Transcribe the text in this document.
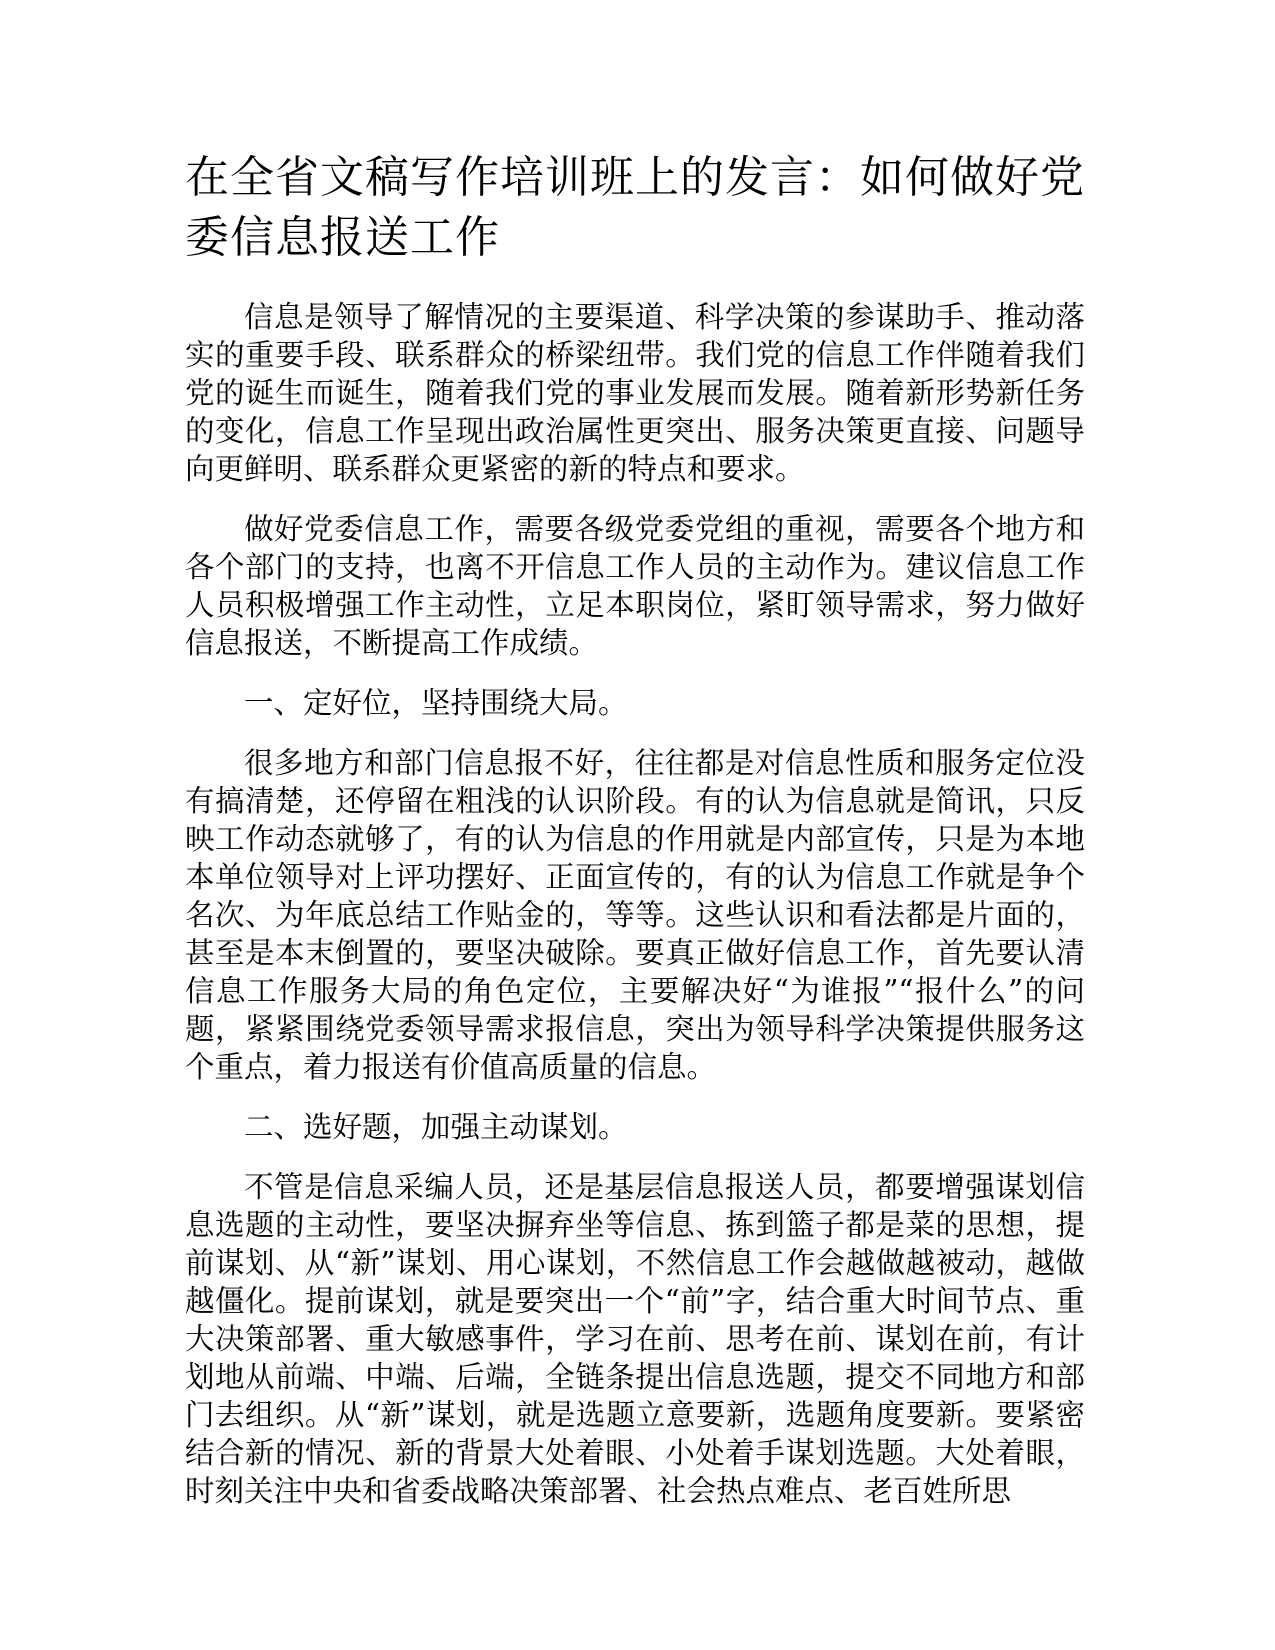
在全省文稿写作培训班上的发言：如何做好党委信息报送工作

信息是领导了解情况的主要渠道、科学决策的参谋助手、推动落实的重要手段、联系群众的桥梁纽带。我们党的信息工作伴随着我们党的诞生而诞生，随着我们党的事业发展而发展。随着新形势新任务的变化，信息工作呈现出政治属性更突出、服务决策更直接、问题导向更鲜明、联系群众更紧密的新的特点和要求。

做好党委信息工作，需要各级党委党组的重视，需要各个地方和各个部门的支持，也离不开信息工作人员的主动作为。建议信息工作人员积极增强工作主动性，立足本职岗位，紧盯领导需求，努力做好信息报送，不断提高工作成绩。

一、定好位，坚持围绕大局。

很多地方和部门信息报不好，往往都是对信息性质和服务定位没有搞清楚，还停留在粗浅的认识阶段。有的认为信息就是简讯，只反映工作动态就够了，有的认为信息的作用就是内部宣传，只是为本地本单位领导对上评功摆好、正面宣传的，有的认为信息工作就是争个名次、为年底总结工作贴金的，等等。这些认识和看法都是片面的，甚至是本末倒置的，要坚决破除。要真正做好信息工作，首先要认清信息工作服务大局的角色定位，主要解决好“为谁报”“报什么”的问题，紧紧围绕党委领导需求报信息，突出为领导科学决策提供服务这个重点，着力报送有价值高质量的信息。

二、选好题，加强主动谋划。

不管是信息采编人员，还是基层信息报送人员，都要增强谋划信息选题的主动性，要坚决摒弃坐等信息、拣到篮子都是菜的思想，提前谋划、从“新”谋划、用心谋划，不然信息工作会越做越被动，越做越僵化。提前谋划，就是要突出一个“前”字，结合重大时间节点、重大决策部署、重大敏感事件，学习在前、思考在前、谋划在前，有计划地从前端、中端、后端，全链条提出信息选题，提交不同地方和部门去组织。从“新”谋划，就是选题立意要新，选题角度要新。要紧密结合新的情况、新的背景大处着眼、小处着手谋划选题。大处着眼，时刻关注中央和省委战略决策部署、社会热点难点、老百姓所思
